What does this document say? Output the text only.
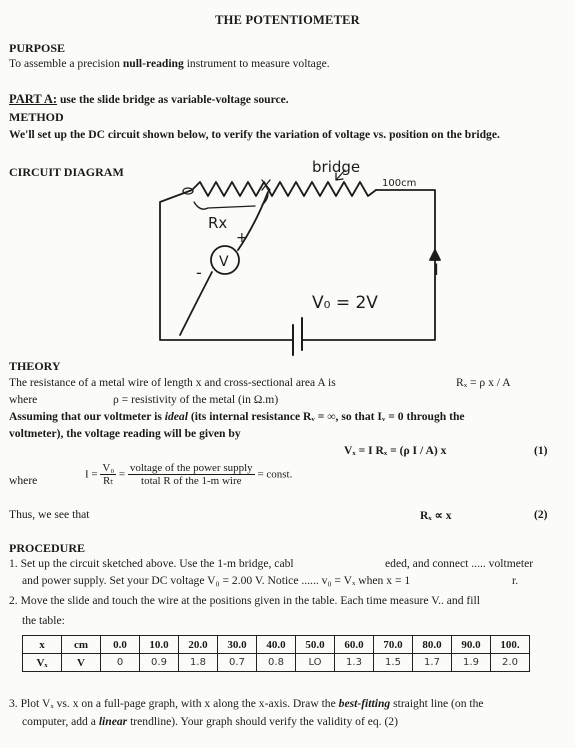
THE POTENTIOMETER
PURPOSE
To assemble a precision null-reading instrument to measure voltage.
PART A: use the slide bridge as variable-voltage source.
METHOD
We'll set up the DC circuit shown below, to verify the variation of voltage vs. position on the bridge.
CIRCUIT DIAGRAM	bridge
100cm
Rx
V
+
-	I
V₀ = 2V
THEORY
The resistance of a metal wire of length x and cross-sectional area A is	Rₓ = ρ x / A
where	ρ = resistivity of the metal (in Ω.m)
Assuming that our voltmeter is ideal (its internal resistance Rᵥ = ∞, so that Iᵥ = 0 through the
voltmeter), the voltage reading will be given by
Vₓ = I Rₓ = (ρ I / A) x	(1)
where	$I = \frac{\text{V₀}}{\text{Rₜ}} = \frac{\text{voltage of the power supply}}{\text{total R of the 1-m wire}}$ = const.
Thus, we see that	Rₓ ∝ x	(2)
PROCEDURE
1. Set up the circuit sketched above. Use the 1-m bridge, cabl	eded, and connect ..... voltmeter
and power supply. Set your DC voltage V₀ = 2.00 V. Notice ...... v₀ = Vₓ when x = 1	r.
2. Move the slide and touch the wire at the positions given in the table. Each time measure V.. and fill
the table:
x	cm	0.0	10.0	20.0	30.0	40.0	50.0	60.0	70.0	80.0	90.0	100.
Vₓ	V	0	0.9	1.8	0.7	0.8	LO	1.3	1.5	1.7	1.9	2.0
3. Plot Vₓ vs. x on a full-page graph, with x along the x-axis. Draw the best-fitting straight line (on the
computer, add a linear trendline). Your graph should verify the validity of eq. (2)
